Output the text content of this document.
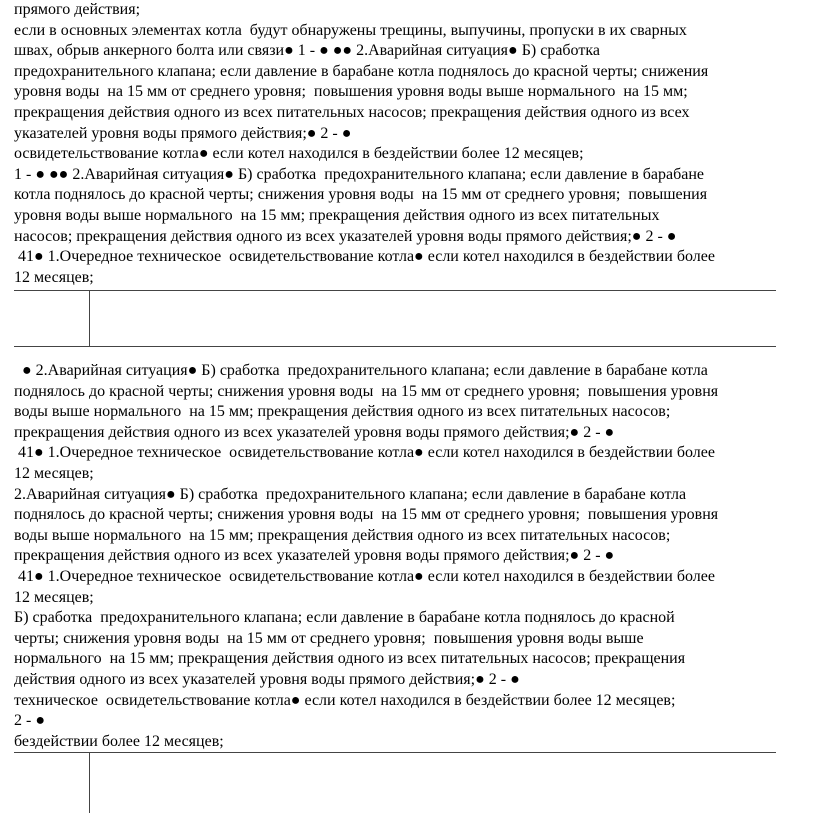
прямого действия;
если в основных элементах котла  будут обнаружены трещины, выпучины, пропуски в их сварных
швах, обрыв анкерного болта или связи● 1 - ● ●● 2.Аварийная ситуация● Б) сработка
предохранительного клапана; если давление в барабане котла поднялось до красной черты; снижения
уровня воды  на 15 мм от среднего уровня;  повышения уровня воды выше нормального  на 15 мм;
прекращения действия одного из всех питательных насосов; прекращения действия одного из всех
указателей уровня воды прямого действия;● 2 - ●
освидетельствование котла● если котел находился в бездействии более 12 месяцев;
1 - ● ●● 2.Аварийная ситуация● Б) сработка  предохранительного клапана; если давление в барабане
котла поднялось до красной черты; снижения уровня воды  на 15 мм от среднего уровня;  повышения
уровня воды выше нормального  на 15 мм; прекращения действия одного из всех питательных
насосов; прекращения действия одного из всех указателей уровня воды прямого действия;● 2 - ●
41● 1.Очередное техническое  освидетельствование котла● если котел находился в бездействии более
12 месяцев;
● 2.Аварийная ситуация● Б) сработка  предохранительного клапана; если давление в барабане котла
поднялось до красной черты; снижения уровня воды  на 15 мм от среднего уровня;  повышения уровня
воды выше нормального  на 15 мм; прекращения действия одного из всех питательных насосов;
прекращения действия одного из всех указателей уровня воды прямого действия;● 2 - ●
41● 1.Очередное техническое  освидетельствование котла● если котел находился в бездействии более
12 месяцев;
2.Аварийная ситуация● Б) сработка  предохранительного клапана; если давление в барабане котла
поднялось до красной черты; снижения уровня воды  на 15 мм от среднего уровня;  повышения уровня
воды выше нормального  на 15 мм; прекращения действия одного из всех питательных насосов;
прекращения действия одного из всех указателей уровня воды прямого действия;● 2 - ●
41● 1.Очередное техническое  освидетельствование котла● если котел находился в бездействии более
12 месяцев;
Б) сработка  предохранительного клапана; если давление в барабане котла поднялось до красной
черты; снижения уровня воды  на 15 мм от среднего уровня;  повышения уровня воды выше
нормального  на 15 мм; прекращения действия одного из всех питательных насосов; прекращения
действия одного из всех указателей уровня воды прямого действия;● 2 - ●
техническое  освидетельствование котла● если котел находился в бездействии более 12 месяцев;
2 - ●
бездействии более 12 месяцев;
